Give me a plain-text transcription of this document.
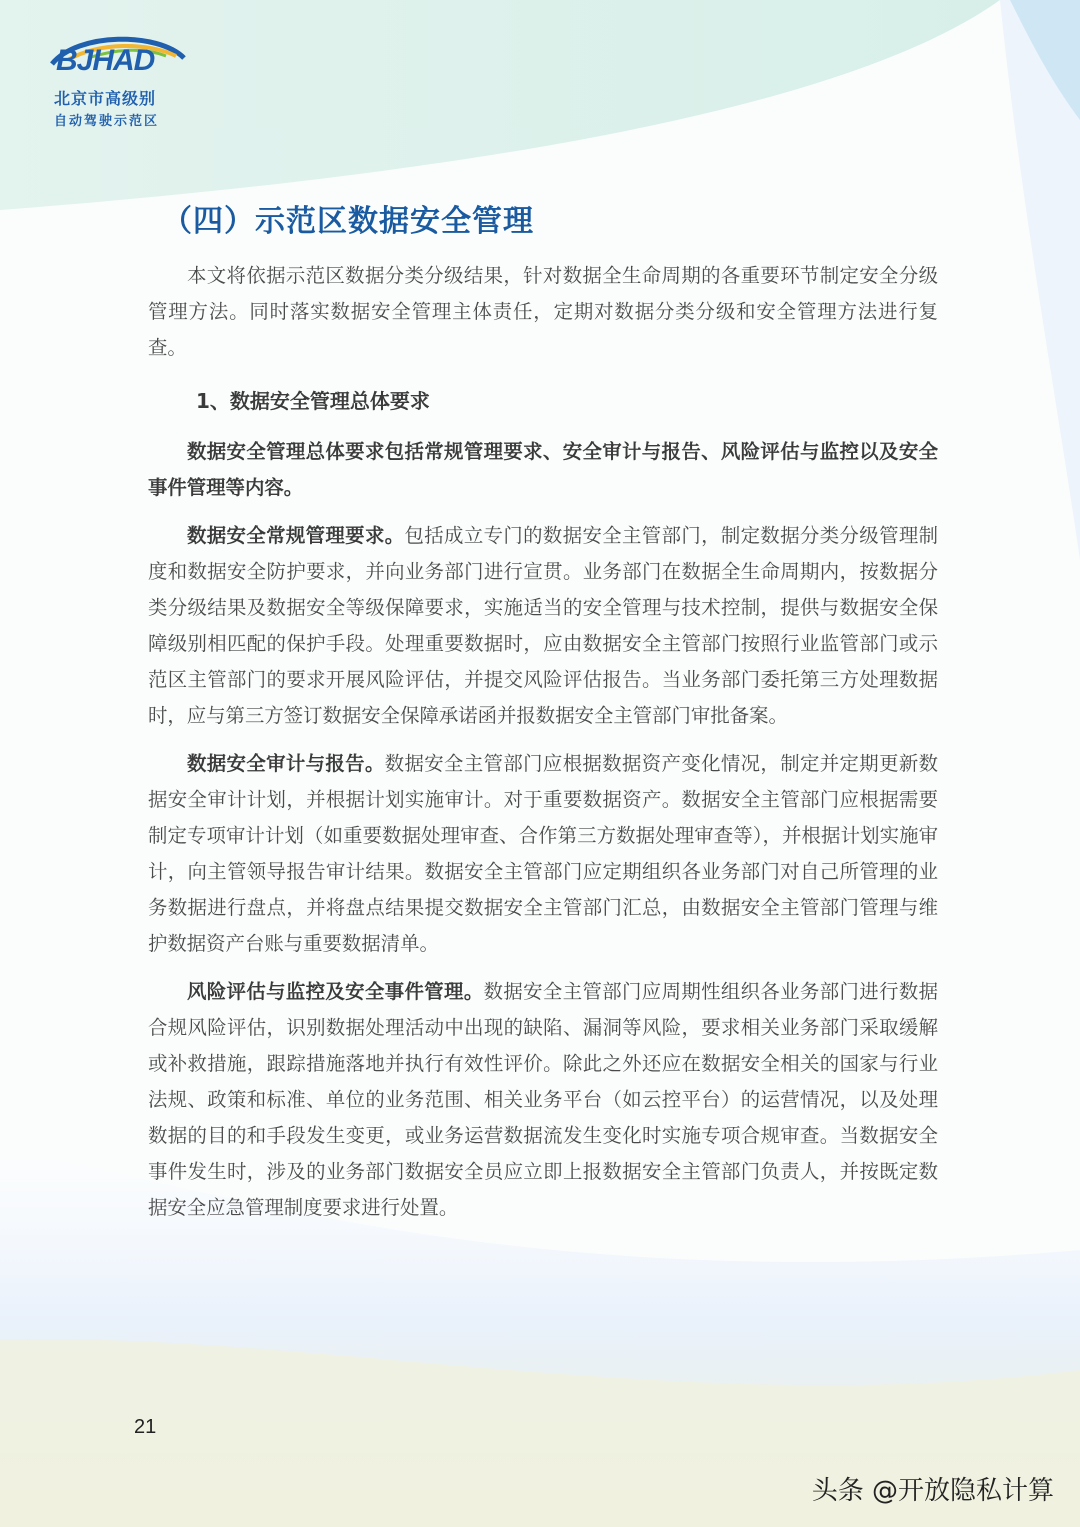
BJHAD
北京市高级别
自动驾驶示范区
（四）示范区数据安全管理

本文将依据示范区数据分类分级结果，针对数据全生命周期的各重要环节制定安全分级管理方法。同时落实数据安全管理主体责任，定期对数据分类分级和安全管理方法进行复查。

1、数据安全管理总体要求

数据安全管理总体要求包括常规管理要求、安全审计与报告、风险评估与监控以及安全事件管理等内容。

数据安全常规管理要求。包括成立专门的数据安全主管部门，制定数据分类分级管理制度和数据安全防护要求，并向业务部门进行宣贯。业务部门在数据全生命周期内，按数据分类分级结果及数据安全等级保障要求，实施适当的安全管理与技术控制，提供与数据安全保障级别相匹配的保护手段。处理重要数据时，应由数据安全主管部门按照行业监管部门或示范区主管部门的要求开展风险评估，并提交风险评估报告。当业务部门委托第三方处理数据时，应与第三方签订数据安全保障承诺函并报数据安全主管部门审批备案。

数据安全审计与报告。数据安全主管部门应根据数据资产变化情况，制定并定期更新数据安全审计计划，并根据计划实施审计。对于重要数据资产。数据安全主管部门应根据需要制定专项审计计划（如重要数据处理审查、合作第三方数据处理审查等），并根据计划实施审计，向主管领导报告审计结果。数据安全主管部门应定期组织各业务部门对自己所管理的业务数据进行盘点，并将盘点结果提交数据安全主管部门汇总，由数据安全主管部门管理与维护数据资产台账与重要数据清单。

风险评估与监控及安全事件管理。数据安全主管部门应周期性组织各业务部门进行数据合规风险评估，识别数据处理活动中出现的缺陷、漏洞等风险，要求相关业务部门采取缓解或补救措施，跟踪措施落地并执行有效性评价。除此之外还应在数据安全相关的国家与行业法规、政策和标准、单位的业务范围、相关业务平台（如云控平台）的运营情况，以及处理数据的目的和手段发生变更，或业务运营数据流发生变化时实施专项合规审查。当数据安全事件发生时，涉及的业务部门数据安全员应立即上报数据安全主管部门负责人，并按既定数据安全应急管理制度要求进行处置。

21
头条 @开放隐私计算
